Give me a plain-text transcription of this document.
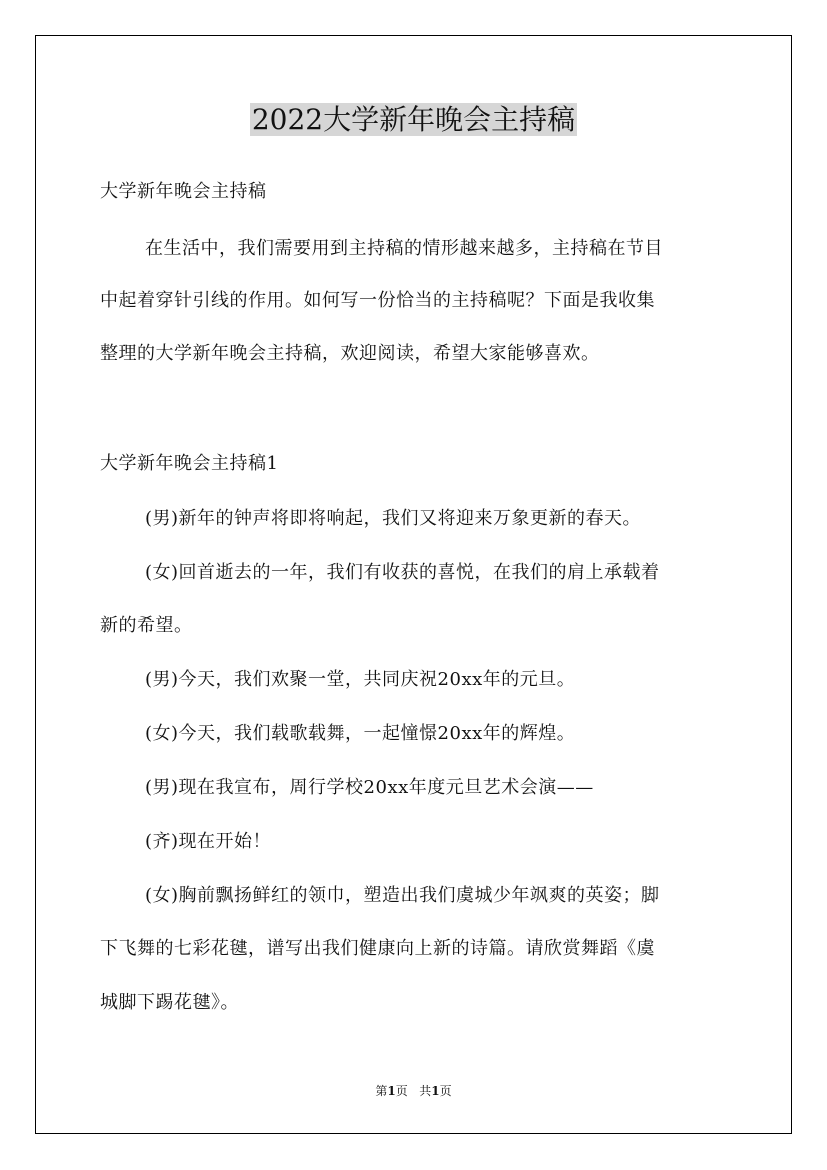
2022大学新年晚会主持稿
大学新年晚会主持稿
在生活中，我们需要用到主持稿的情形越来越多，主持稿在节目
中起着穿针引线的作用。如何写一份恰当的主持稿呢？下面是我收集
整理的大学新年晚会主持稿，欢迎阅读，希望大家能够喜欢。
大学新年晚会主持稿1
(男)新年的钟声将即将响起，我们又将迎来万象更新的春天。
(女)回首逝去的一年，我们有收获的喜悦，在我们的肩上承载着
新的希望。
(男)今天，我们欢聚一堂，共同庆祝20xx年的元旦。
(女)今天，我们载歌载舞，一起憧憬20xx年的辉煌。
(男)现在我宣布，周行学校20xx年度元旦艺术会演——
(齐)现在开始！
(女)胸前飘扬鲜红的领巾，塑造出我们虞城少年飒爽的英姿；脚
下飞舞的七彩花毽，谱写出我们健康向上新的诗篇。请欣赏舞蹈《虞
城脚下踢花毽》。
第1页 共1页
